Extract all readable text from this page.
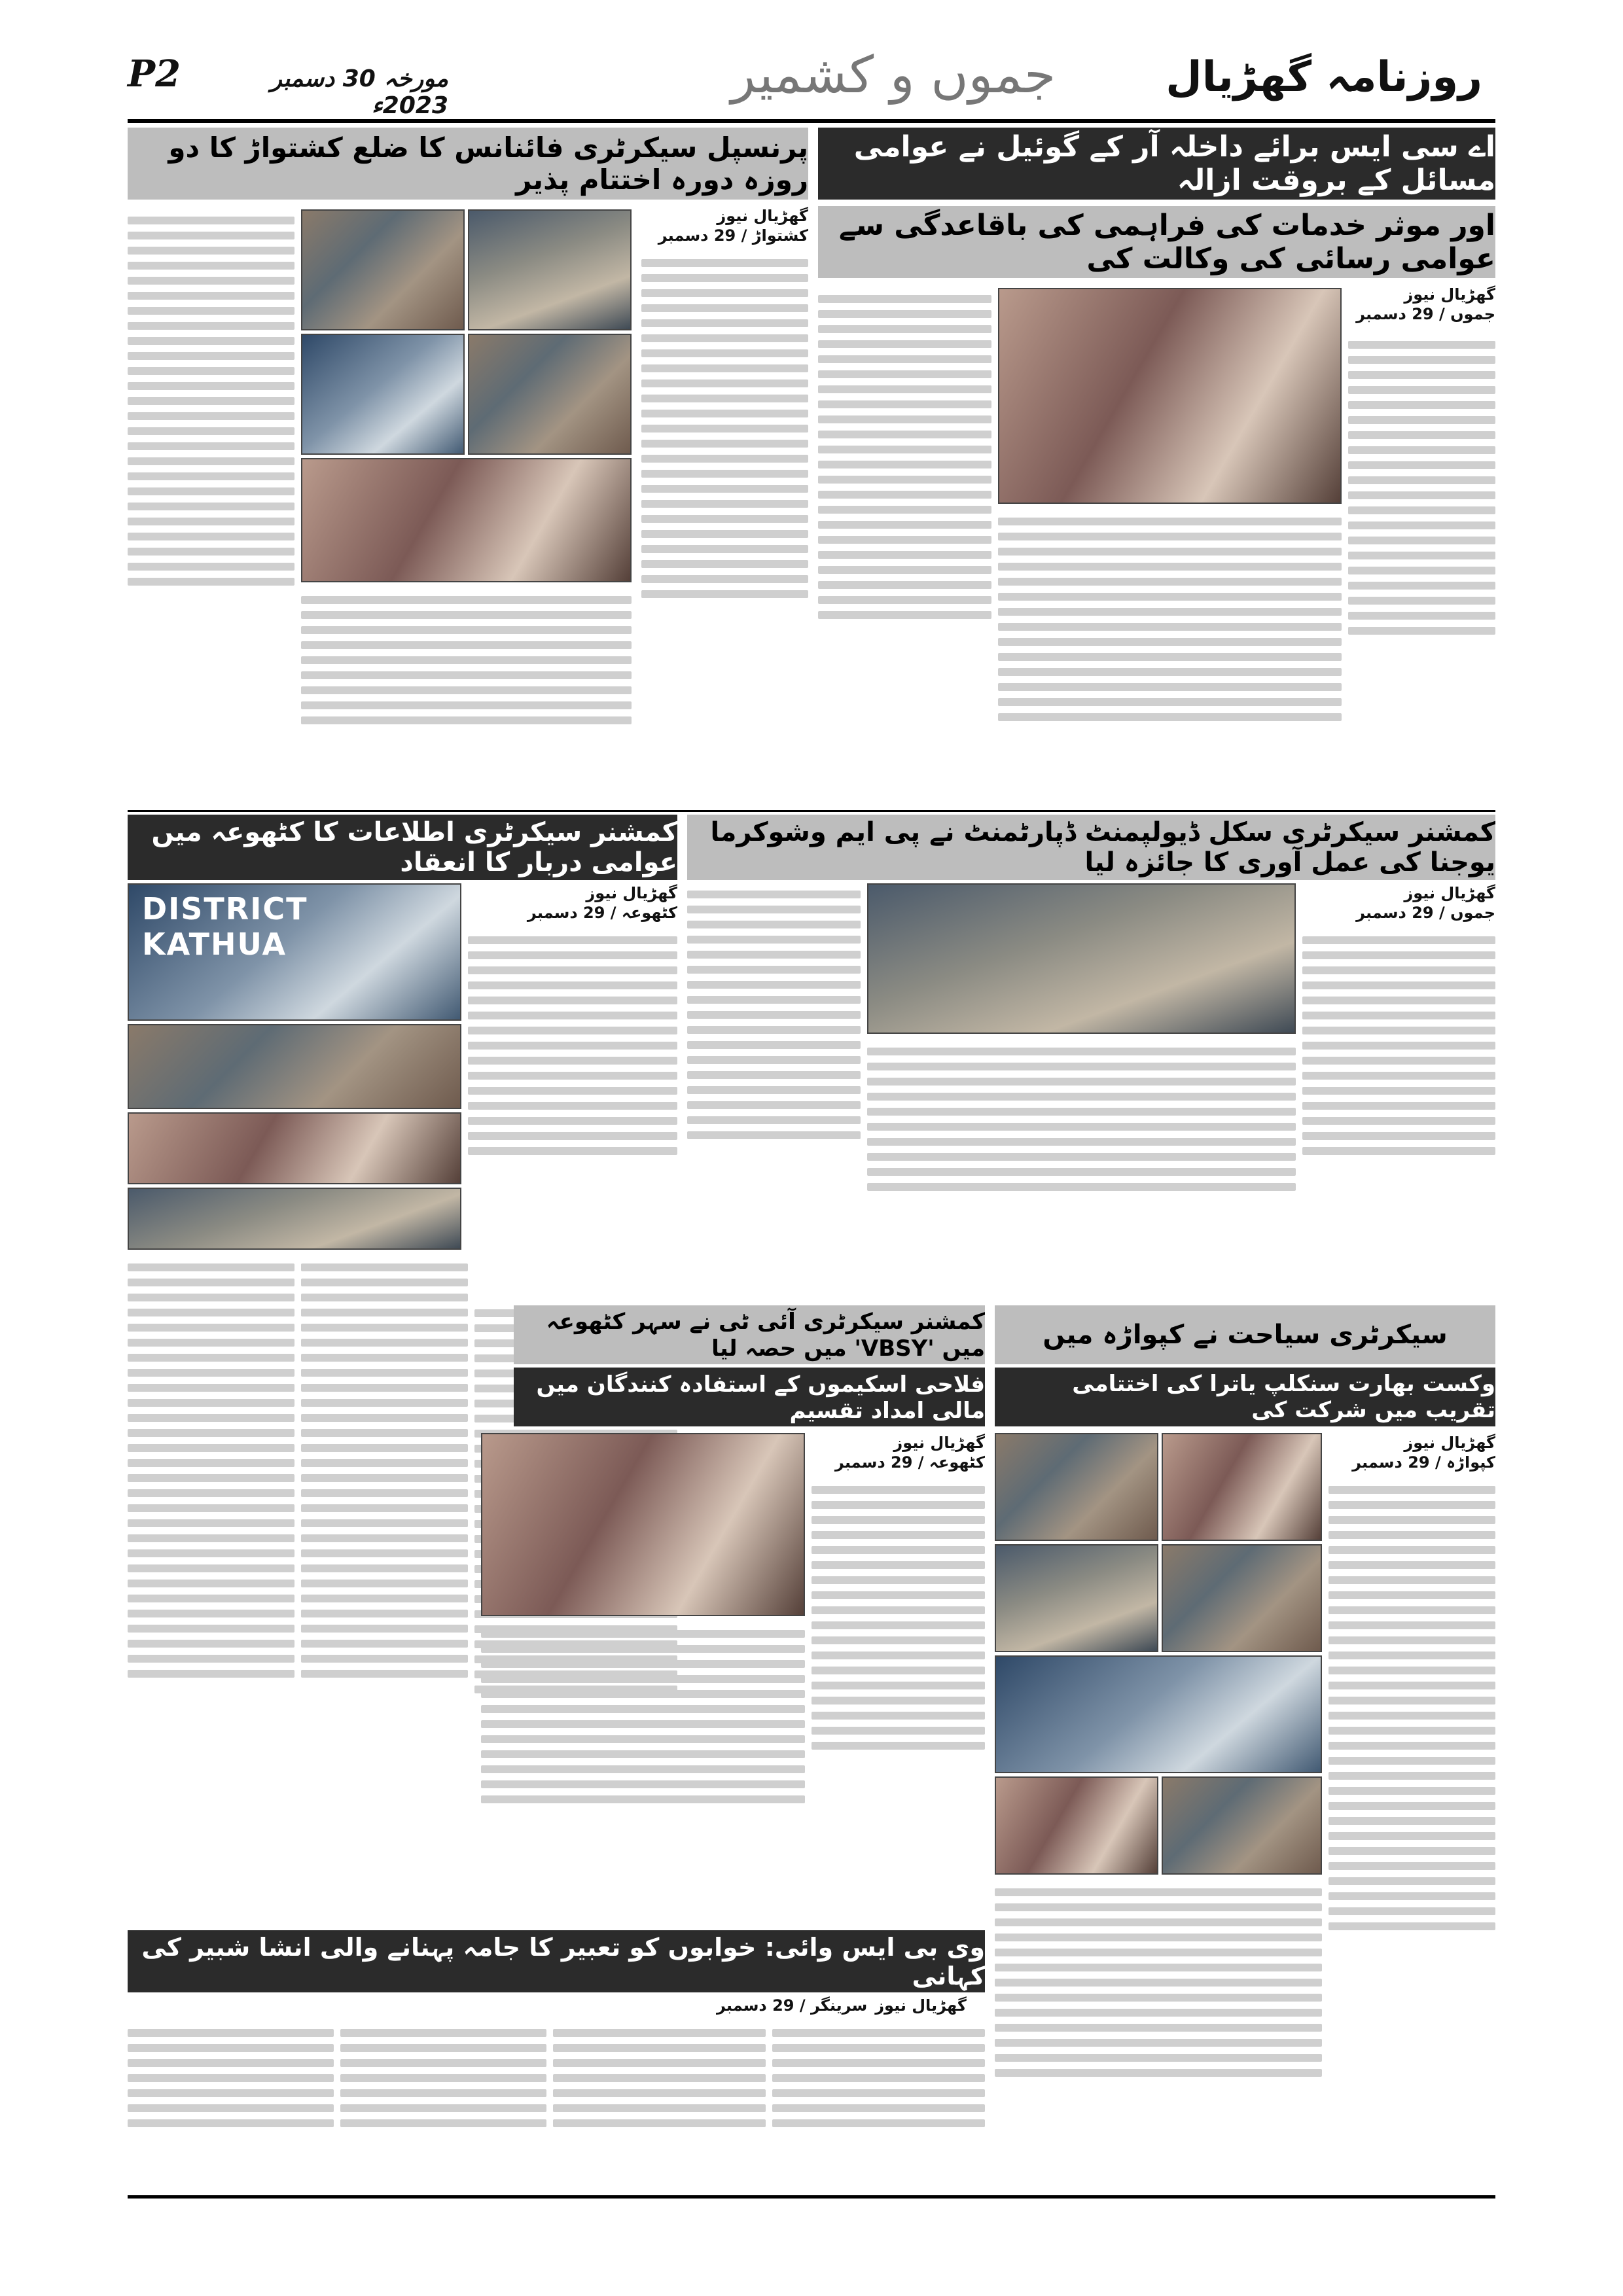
P2	مورخہ 30 دسمبر 2023ء
جموں و کشمیر	روزنامہ گھڑیال
اے سی ایس برائے داخلہ آر کے گوئیل نے عوامی مسائل کے بروقت ازالہ
اور موثر خدمات کی فراہمی کی باقاعدگی سے عوامی رسائی کی وکالت کی
گھڑیال نیوز
جموں / 29 دسمبر
پرنسپل سیکرٹری فائنانس کا ضلع کشتواڑ کا دو روزہ دورہ اختتام پذیر
گھڑیال نیوز
کشتواڑ / 29 دسمبر
کمشنر سیکرٹری سکل ڈیولپمنٹ ڈپارٹمنٹ نے پی ایم وشوکرما یوجنا کی عمل آوری کا جائزہ لیا
گھڑیال نیوز
جموں / 29 دسمبر
کمشنر سیکرٹری اطلاعات کا کٹھوعہ میں عوامی دربار کا انعقاد
گھڑیال نیوز
کٹھوعہ / 29 دسمبر
DISTRICT KATHUA
سیکرٹری سیاحت نے کپواڑہ میں
وکست بھارت سنکلپ یاترا کی اختتامی تقریب میں شرکت کی
گھڑیال نیوز
کپواڑہ / 29 دسمبر
کمشنر سیکرٹری آئی ٹی نے سہر کٹھوعہ میں 'VBSY' میں حصہ لیا
فلاحی اسکیموں کے استفادہ کنندگان میں مالی امداد تقسیم
گھڑیال نیوز
کٹھوعہ / 29 دسمبر
وی بی ایس وائی: خوابوں کو تعبیر کا جامہ پہنانے والی انشا شبیر کی کہانی
گھڑیال نیوز
سرینگر / 29 دسمبر
